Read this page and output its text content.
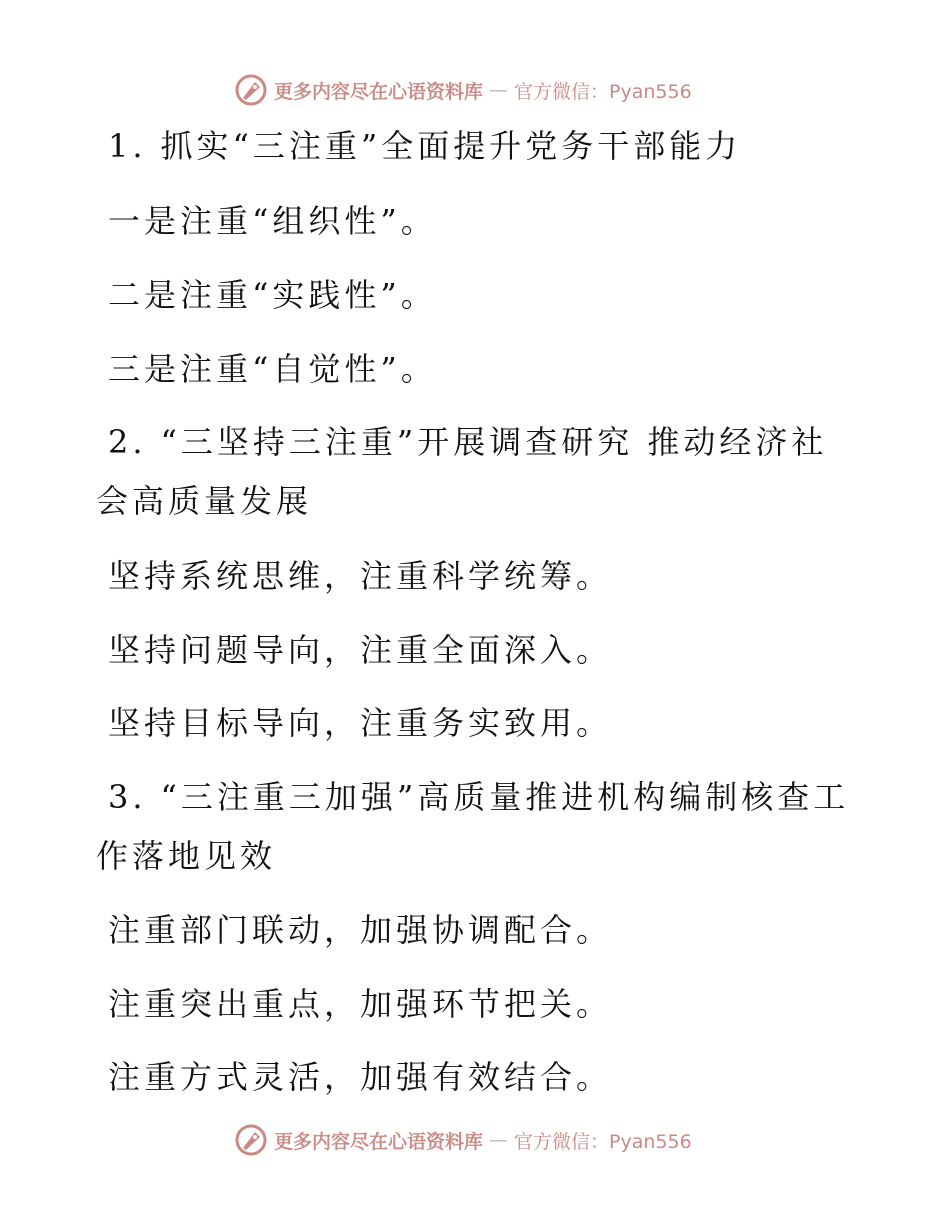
更多内容尽在心语资料库 — 官方微信：Pyan556
1. 抓实“三注重”全面提升党务干部能力
一是注重“组织性”。
二是注重“实践性”。
三是注重“自觉性”。
2. “三坚持三注重”开展调查研究 推动经济社
会高质量发展
坚持系统思维，注重科学统筹。
坚持问题导向，注重全面深入。
坚持目标导向，注重务实致用。
3. “三注重三加强”高质量推进机构编制核查工
作落地见效
注重部门联动，加强协调配合。
注重突出重点，加强环节把关。
注重方式灵活，加强有效结合。
更多内容尽在心语资料库 — 官方微信：Pyan556
